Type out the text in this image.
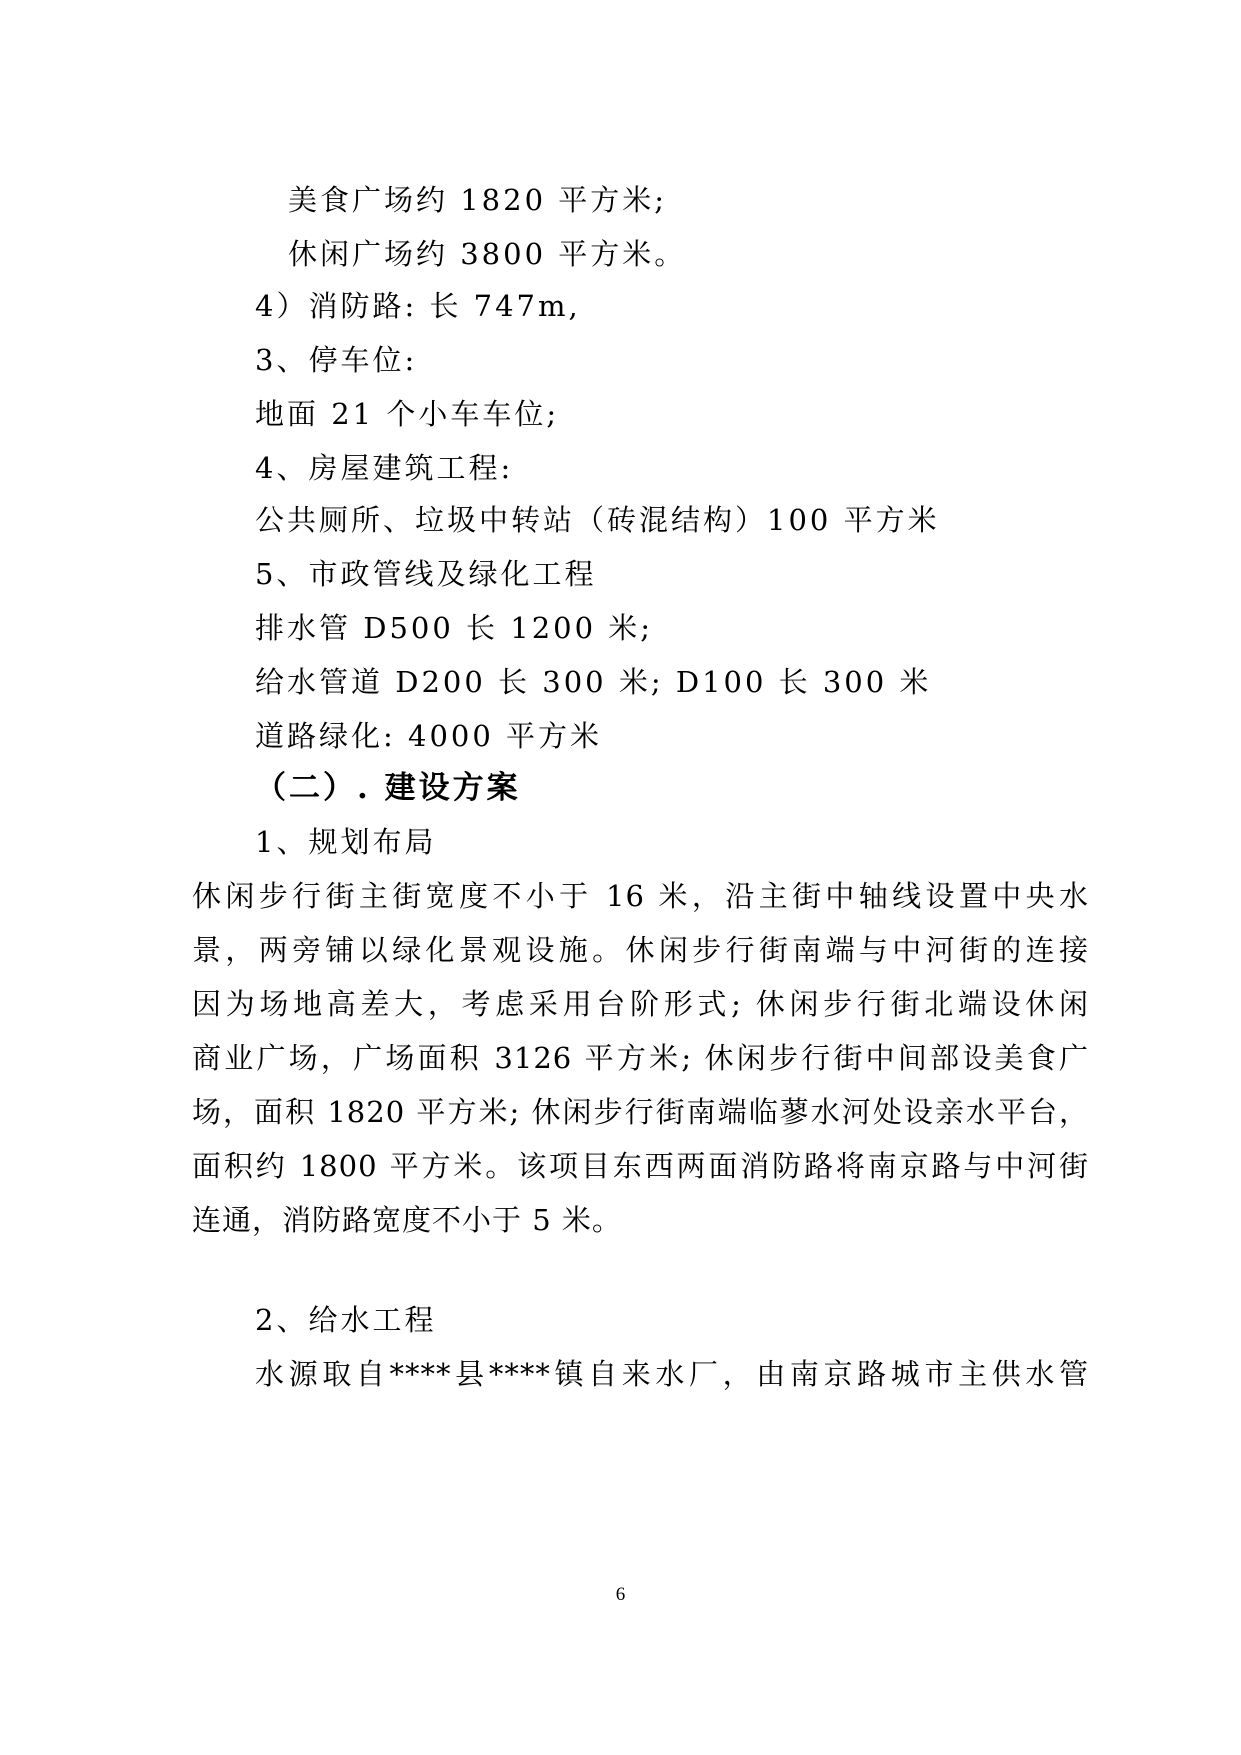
美食广场约 1820 平方米;
休闲广场约 3800 平方米。
4）消防路: 长 747m,
3、停车位:
地面 21 个小车车位;
4、房屋建筑工程:
公共厕所、垃圾中转站（砖混结构）100 平方米
5、市政管线及绿化工程
排水管 D500 长 1200 米;
给水管道 D200 长 300 米; D100 长 300 米
道路绿化: 4000 平方米
（二）. 建设方案
1、规划布局
休闲步行街主街宽度不小于 16 米，沿主街中轴线设置中央水
景，两旁铺以绿化景观设施。休闲步行街南端与中河街的连接
因为场地高差大，考虑采用台阶形式; 休闲步行街北端设休闲
商业广场，广场面积 3126 平方米; 休闲步行街中间部设美食广
场，面积 1820 平方米; 休闲步行街南端临蓼水河处设亲水平台，
面积约 1800 平方米。该项目东西两面消防路将南京路与中河街
连通，消防路宽度不小于 5 米。
2、给水工程
水源取自****县****镇自来水厂，由南京路城市主供水管
6
